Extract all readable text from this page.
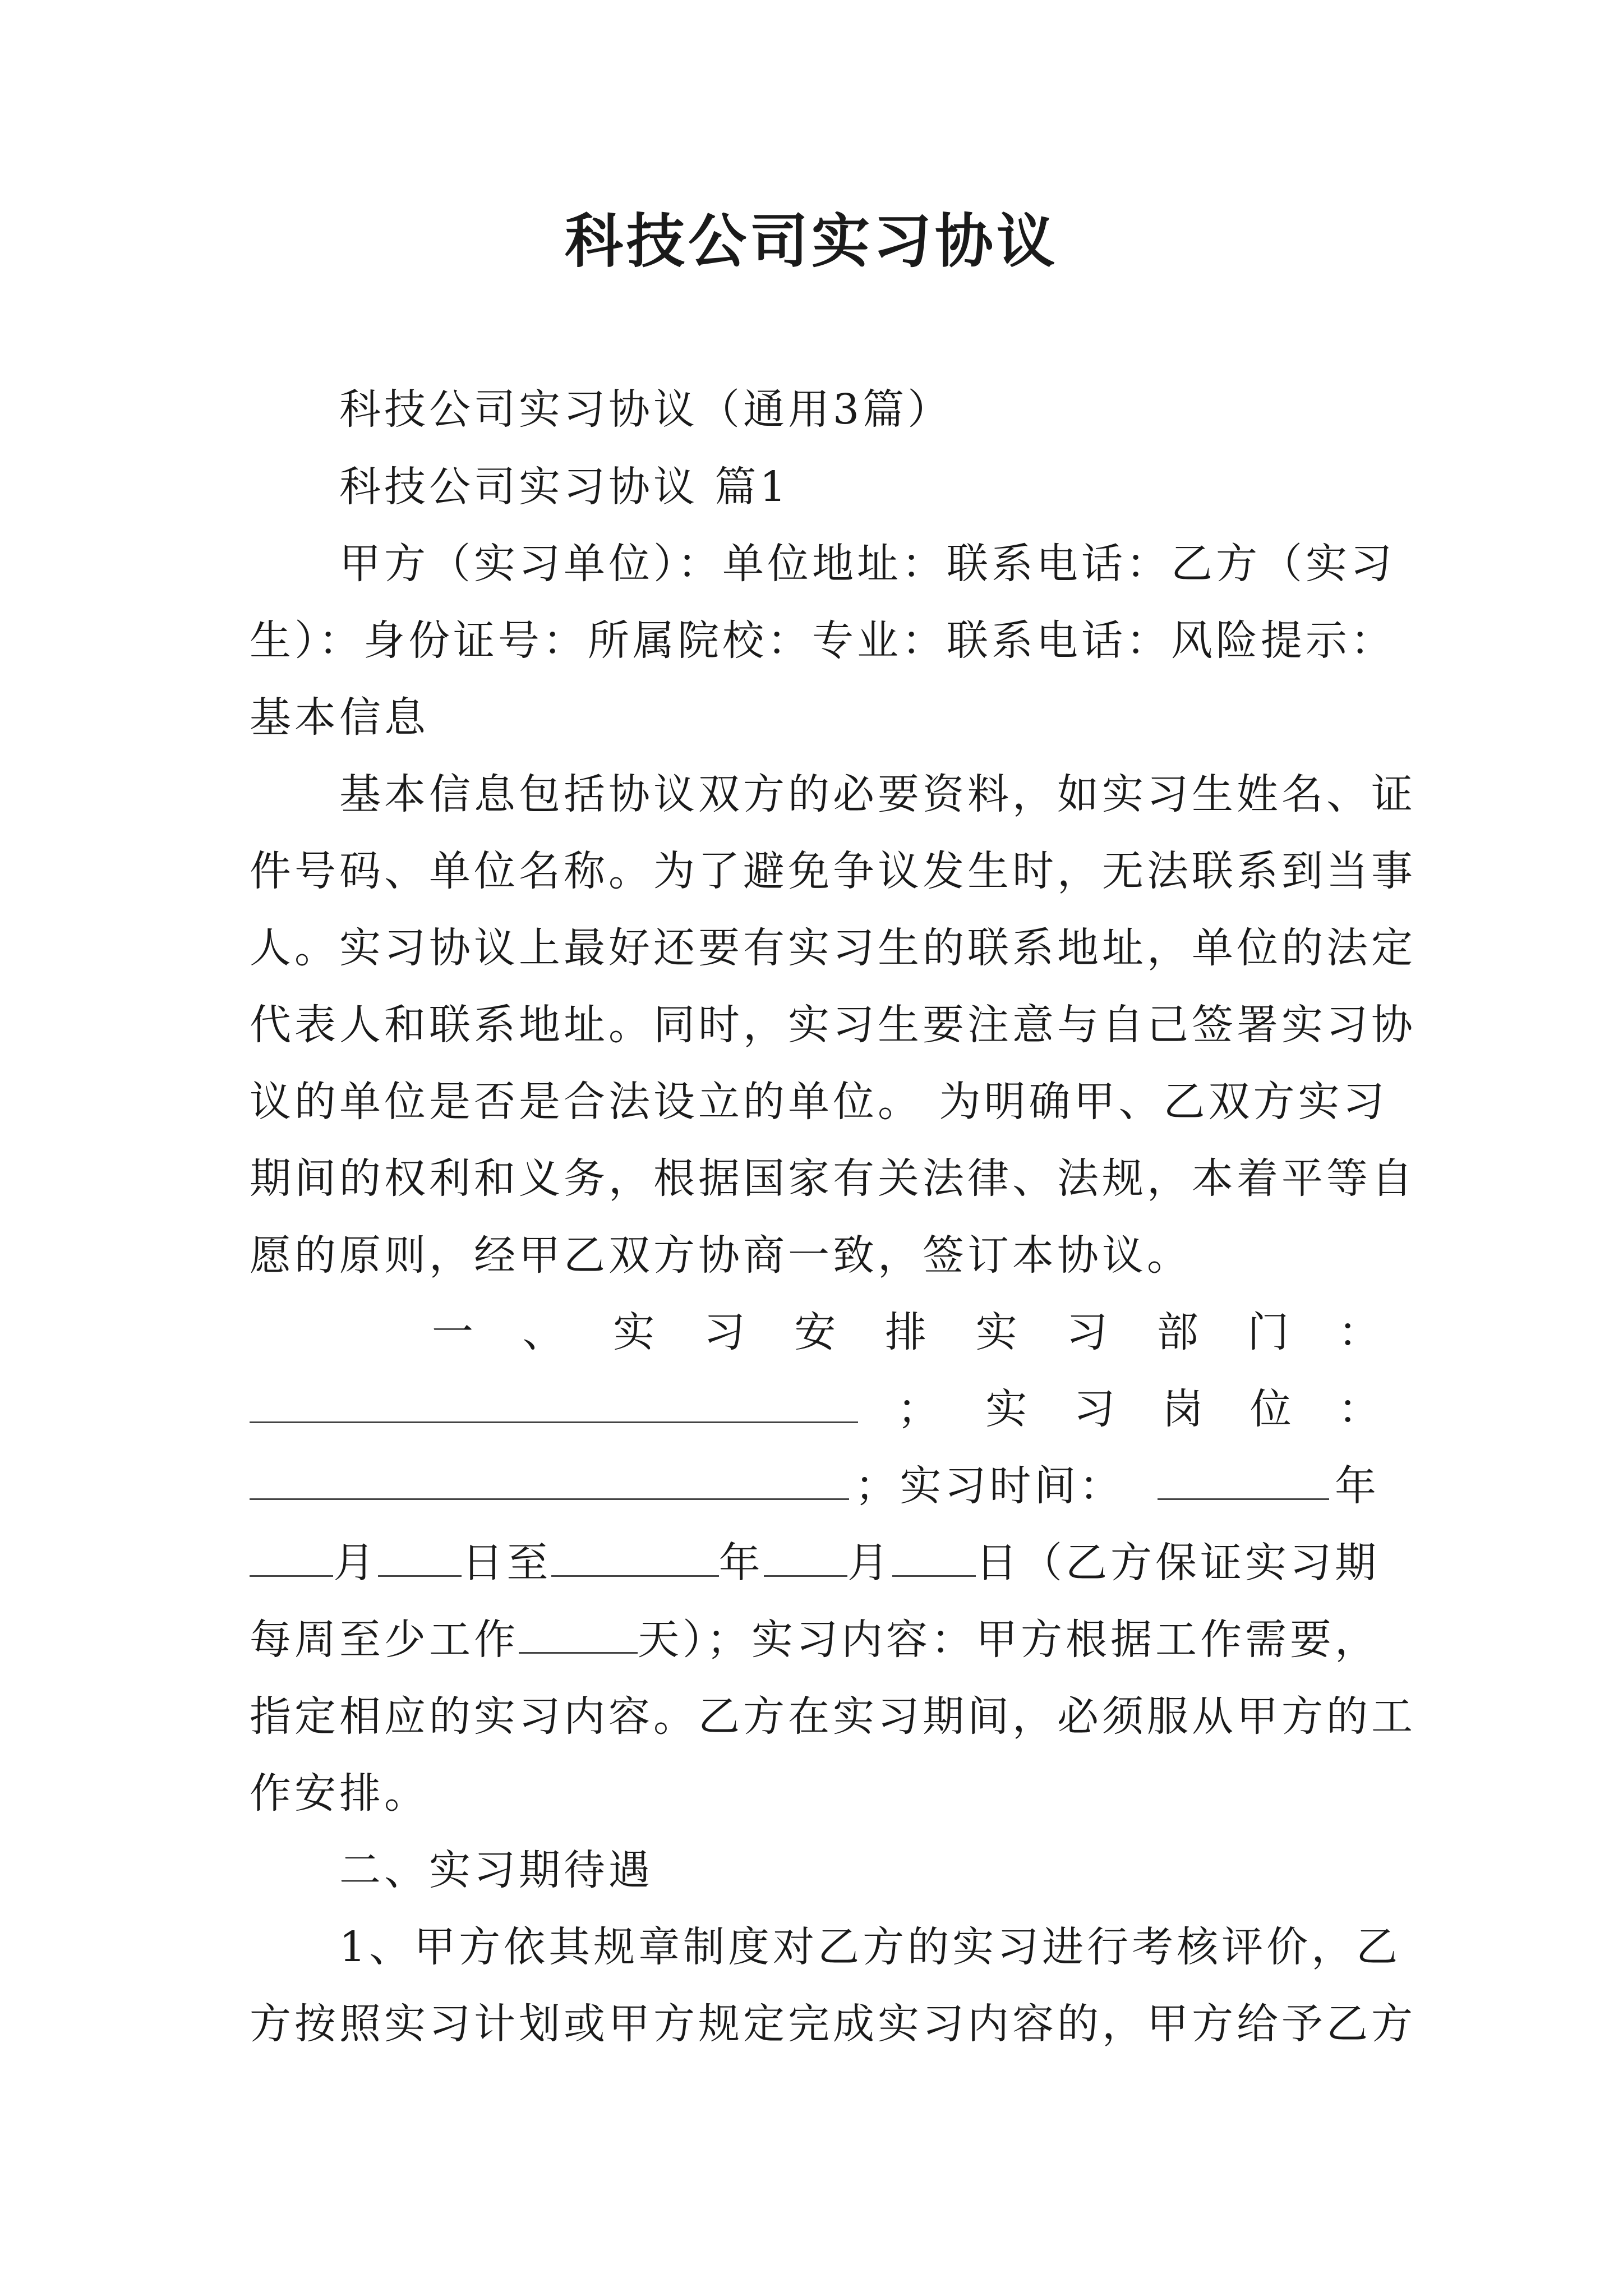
科技公司实习协议
科技公司实习协议（通用3篇）
科技公司实习协议 篇1
甲方（实习单位）：单位地址：联系电话：乙方（实习
生）：身份证号：所属院校：专业：联系电话：风险提示：
基本信息
基本信息包括协议双方的必要资料，如实习生姓名、证
件号码、单位名称。为了避免争议发生时，无法联系到当事
人。实习协议上最好还要有实习生的联系地址，单位的法定
代表人和联系地址。同时，实习生要注意与自己签署实习协
议的单位是否是合法设立的单位。 为明确甲、乙双方实习
期间的权利和义务，根据国家有关法律、法规，本着平等自
愿的原则，经甲乙双方协商一致，签订本协议。
一 、 实 习 安 排 实 习 部 门 ：
； 实 习 岗 位 ：
；实习时间：	年
月 日 至	年 月 日 （乙方保证实习期
每周至少工作	天）；实习内容：甲方根据工作需要，
指定相应的实习内容。乙方在实习期间，必须服从甲方的工
作安排。
二、实习期待遇
1、甲方依其规章制度对乙方的实习进行考核评价，乙
方按照实习计划或甲方规定完成实习内容的，甲方给予乙方
